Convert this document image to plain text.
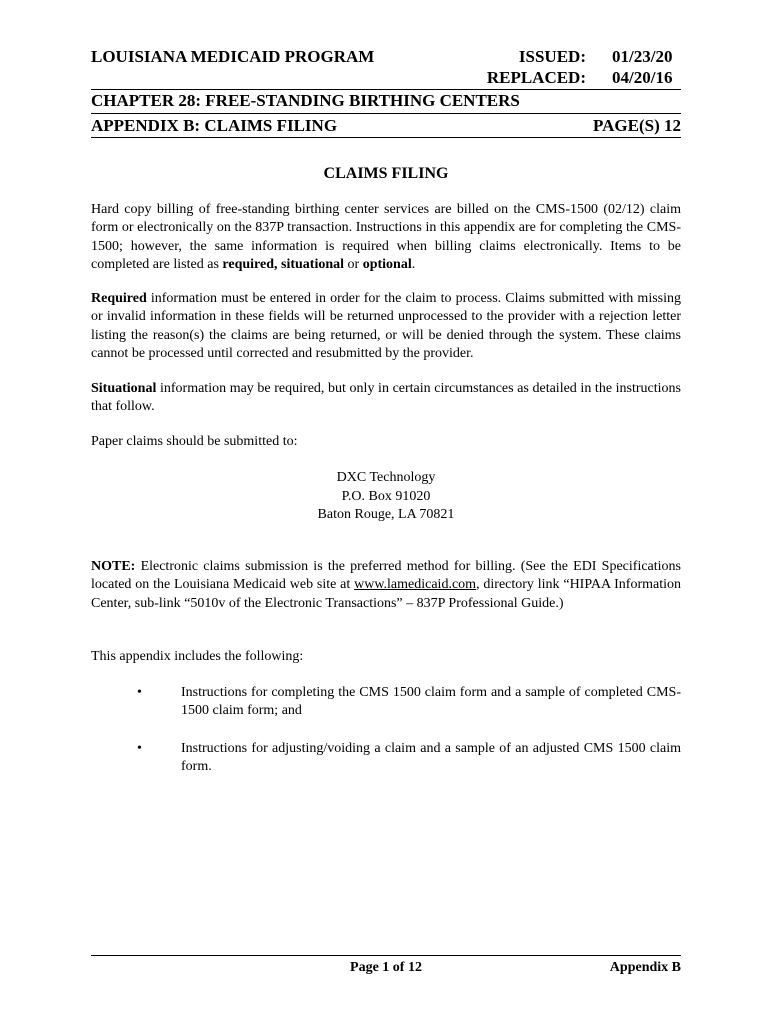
LOUISIANA MEDICAID PROGRAM	ISSUED: 01/23/20
REPLACED: 04/20/16
CHAPTER 28: FREE-STANDING BIRTHING CENTERS
APPENDIX B: CLAIMS FILING	PAGE(S) 12
CLAIMS FILING
Hard copy billing of free-standing birthing center services are billed on the CMS-1500 (02/12) claim form or electronically on the 837P transaction. Instructions in this appendix are for completing the CMS-1500; however, the same information is required when billing claims electronically. Items to be completed are listed as required, situational or optional.
Required information must be entered in order for the claim to process. Claims submitted with missing or invalid information in these fields will be returned unprocessed to the provider with a rejection letter listing the reason(s) the claims are being returned, or will be denied through the system. These claims cannot be processed until corrected and resubmitted by the provider.
Situational information may be required, but only in certain circumstances as detailed in the instructions that follow.
Paper claims should be submitted to:
DXC Technology
P.O. Box 91020
Baton Rouge, LA 70821
NOTE: Electronic claims submission is the preferred method for billing. (See the EDI Specifications located on the Louisiana Medicaid web site at www.lamedicaid.com, directory link “HIPAA Information Center, sub-link “5010v of the Electronic Transactions” – 837P Professional Guide.)
This appendix includes the following:
•	Instructions for completing the CMS 1500 claim form and a sample of completed CMS-1500 claim form; and
•	Instructions for adjusting/voiding a claim and a sample of an adjusted CMS 1500 claim form.
Page 1 of 12	Appendix B
